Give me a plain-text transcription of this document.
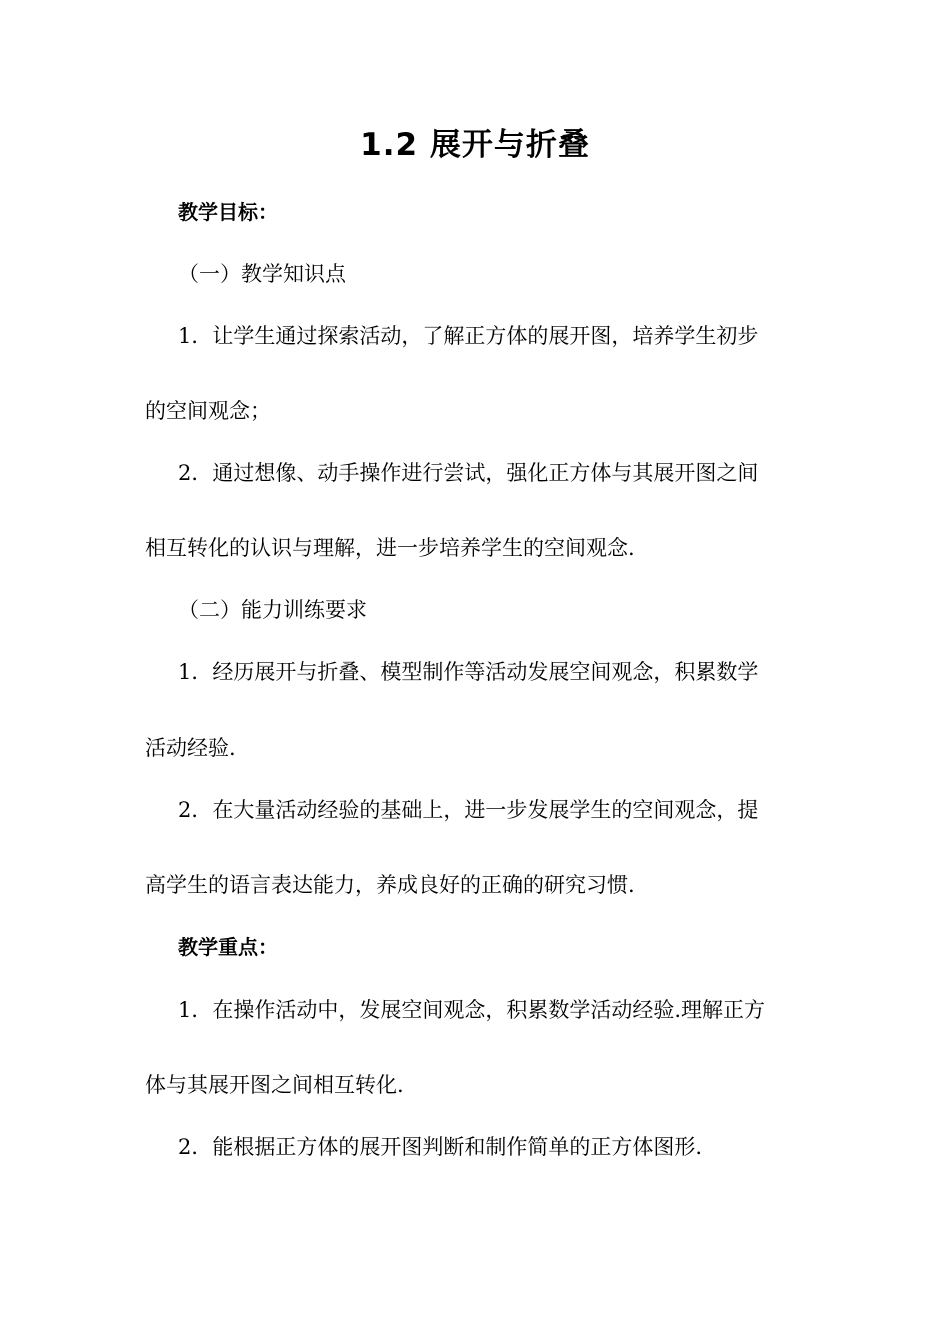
1.2 展开与折叠
教学目标：
（一）教学知识点
1．让学生通过探索活动，了解正方体的展开图，培养学生初步
的空间观念；
2．通过想像、动手操作进行尝试，强化正方体与其展开图之间
相互转化的认识与理解，进一步培养学生的空间观念.
（二）能力训练要求
1．经历展开与折叠、模型制作等活动发展空间观念，积累数学
活动经验.
2．在大量活动经验的基础上，进一步发展学生的空间观念，提
高学生的语言表达能力，养成良好的正确的研究习惯.
教学重点：
1．在操作活动中，发展空间观念，积累数学活动经验.理解正方
体与其展开图之间相互转化.
2．能根据正方体的展开图判断和制作简单的正方体图形.
